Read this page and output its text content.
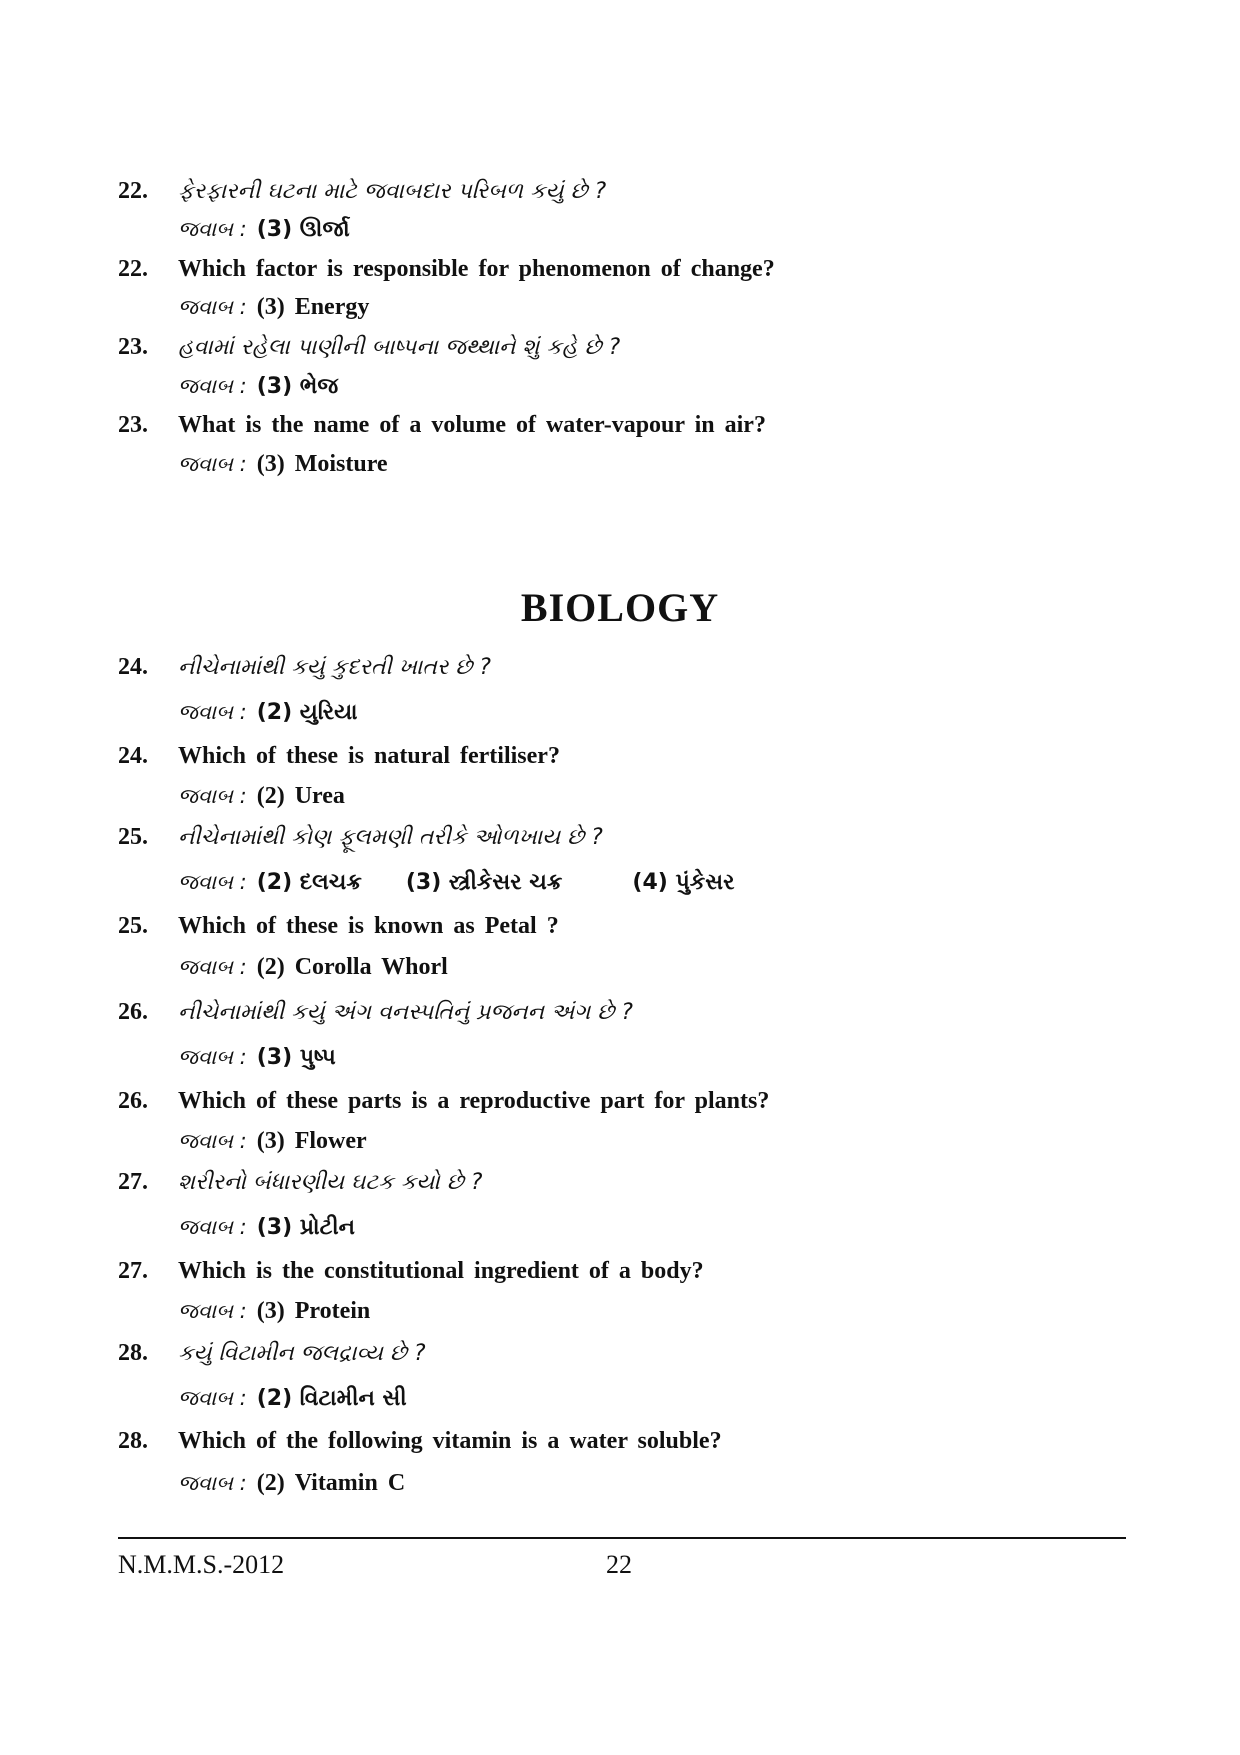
22. ફેરફારની ઘટના માટે જવાબદાર પરિબળ કયું છે ?
જવાબ : (3) ઊર્જા
22. Which factor is responsible for phenomenon of change?
જવાબ : (3) Energy
23. હવામાં રહેલા પાણીની બાષ્પના જથ્થાને શું કહે છે ?
જવાબ : (3) ભેજ
23. What is the name of a volume of water-vapour in air?
જવાબ : (3) Moisture
BIOLOGY
24. નીચેનામાંથી કયું કુદરતી ખાતર છે ?
જવાબ : (2) યુરિયા
24. Which of these is natural fertiliser?
જવાબ : (2) Urea
25. નીચેનામાંથી કોણ ફૂલમણી તરીકે ઓળખાય છે ?
જવાબ : (2) દલચક્ર (3) સ્ત્રીકેસર ચક્ર	(4) પુંકેસર
25. Which of these is known as Petal ?
જવાબ : (2) Corolla Whorl
26. નીચેનામાંથી કયું અંગ વનસ્પતિનું પ્રજનન અંગ છે ?
જવાબ : (3) પુષ્પ
26. Which of these parts is a reproductive part for plants?
જવાબ : (3) Flower
27. શરીરનો બંધારણીય ઘટક કયો છે ?
જવાબ : (3) પ્રોટીન
27. Which is the constitutional ingredient of a body?
જવાબ : (3) Protein
28. કયું વિટામીન જલદ્રાવ્ય છે ?
જવાબ : (2) વિટામીન સી
28. Which of the following vitamin is a water soluble?
જવાબ : (2) Vitamin C
N.M.M.S.-2012	22
